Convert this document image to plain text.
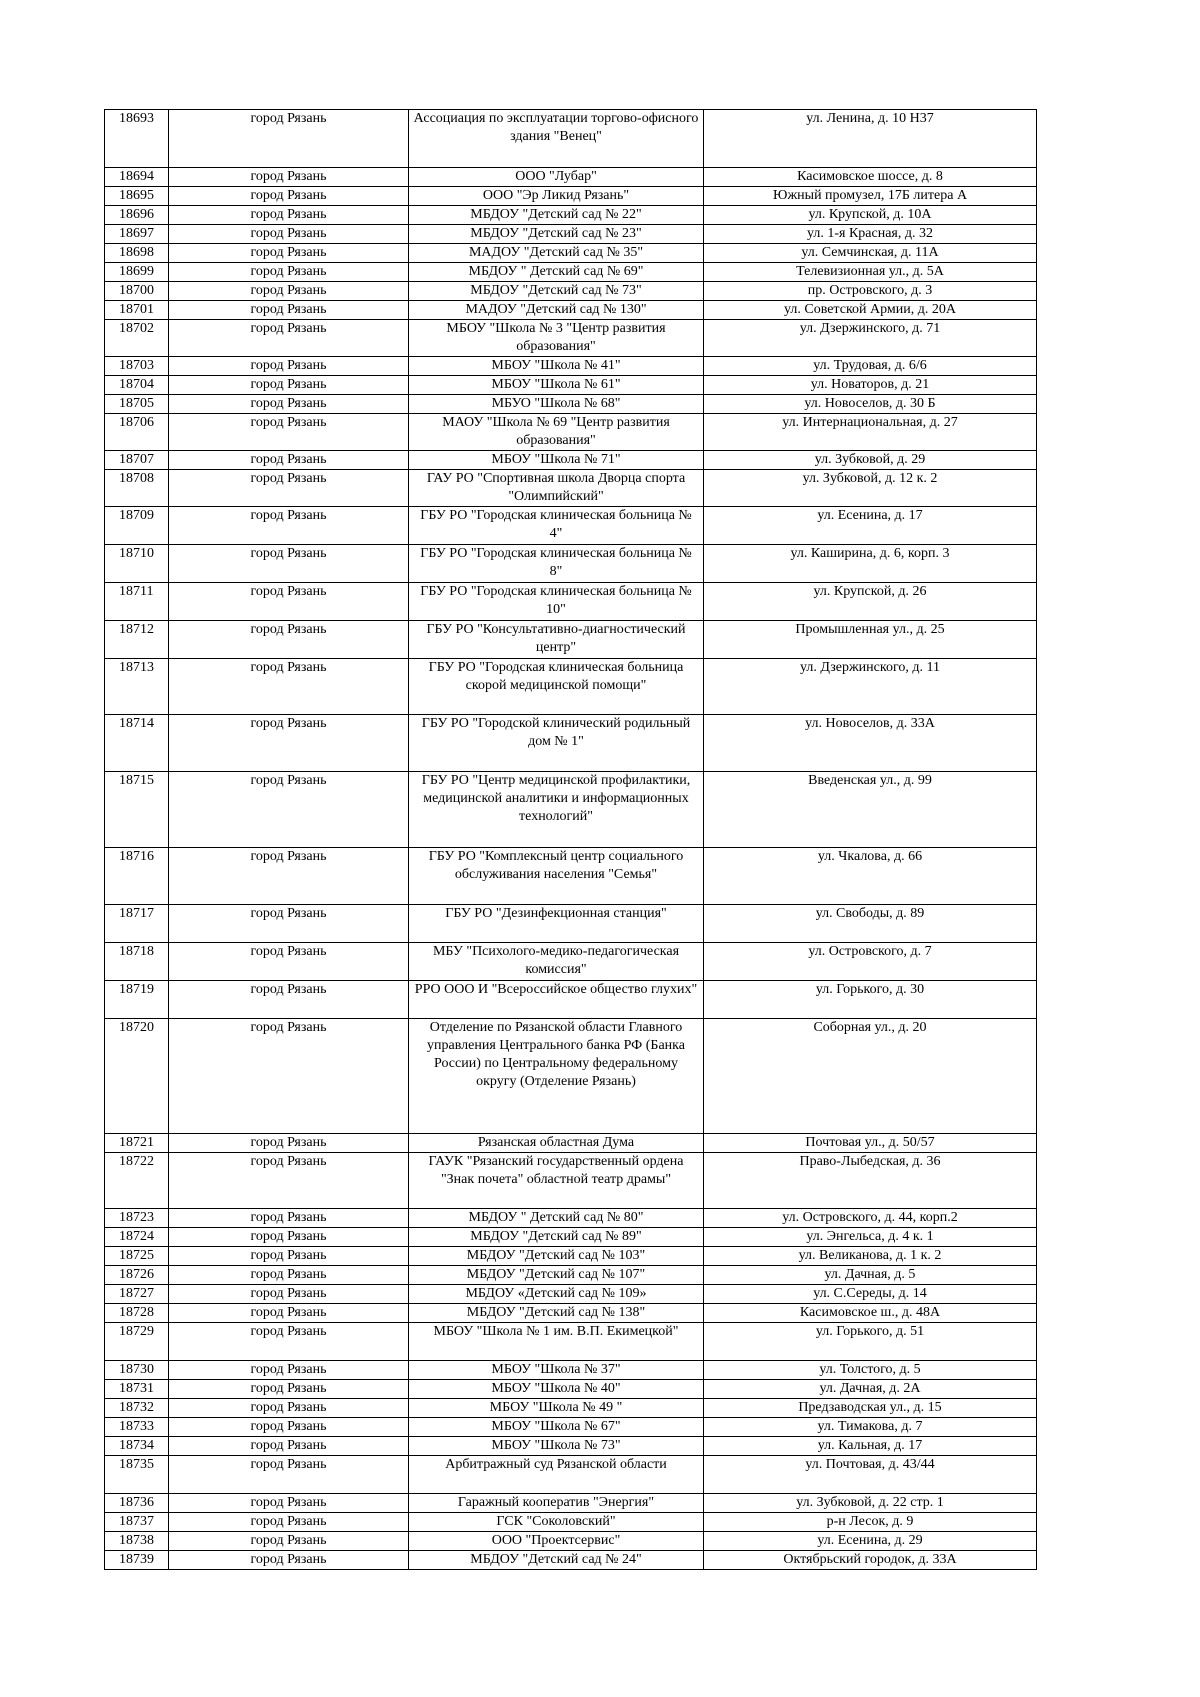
18693	город Рязань	Ассоциация по эксплуатации торгово-офисного здания "Венец"	ул. Ленина, д. 10 Н37
18694	город Рязань	ООО "Лубар"	Касимовское шоссе, д. 8
18695	город Рязань	ООО "Эр Ликид Рязань"	Южный промузел, 17Б литера А
18696	город Рязань	МБДОУ "Детский сад № 22"	ул. Крупской, д. 10А
18697	город Рязань	МБДОУ "Детский сад № 23"	ул. 1-я Красная, д. 32
18698	город Рязань	МАДОУ "Детский сад № 35"	ул. Семчинская, д. 11А
18699	город Рязань	МБДОУ " Детский сад № 69"	Телевизионная ул., д. 5А
18700	город Рязань	МБДОУ "Детский сад № 73"	пр. Островского, д. 3
18701	город Рязань	МАДОУ "Детский сад № 130"	ул. Советской Армии, д. 20А
18702	город Рязань	МБОУ "Школа № 3 "Центр развития образования"	ул. Дзержинского, д. 71
18703	город Рязань	МБОУ "Школа № 41"	ул. Трудовая, д. 6/6
18704	город Рязань	МБОУ "Школа № 61"	ул. Новаторов, д. 21
18705	город Рязань	МБУО "Школа № 68"	ул. Новоселов, д. 30 Б
18706	город Рязань	МАОУ "Школа № 69 "Центр развития образования"	ул. Интернациональная, д. 27
18707	город Рязань	МБОУ "Школа № 71"	ул. Зубковой, д. 29
18708	город Рязань	ГАУ РО "Спортивная школа Дворца спорта "Олимпийский"	ул. Зубковой, д. 12 к. 2
18709	город Рязань	ГБУ РО "Городская клиническая больница № 4"	ул. Есенина, д. 17
18710	город Рязань	ГБУ РО "Городская клиническая больница № 8"	ул. Каширина, д. 6, корп. 3
18711	город Рязань	ГБУ РО "Городская клиническая больница № 10"	ул. Крупской, д. 26
18712	город Рязань	ГБУ РО "Консультативно-диагностический центр"	Промышленная ул., д. 25
18713	город Рязань	ГБУ РО "Городская клиническая больница скорой медицинской помощи"	ул. Дзержинского, д. 11
18714	город Рязань	ГБУ РО "Городской клинический родильный дом № 1"	ул. Новоселов, д. 33А
18715	город Рязань	ГБУ РО "Центр медицинской профилактики, медицинской аналитики и информационных технологий"	Введенская ул., д. 99
18716	город Рязань	ГБУ РО "Комплексный центр социального обслуживания населения "Семья"	ул. Чкалова, д. 66
18717	город Рязань	ГБУ РО "Дезинфекционная станция"	ул. Свободы, д. 89
18718	город Рязань	МБУ "Психолого-медико-педагогическая комиссия"	ул. Островского, д. 7
18719	город Рязань	РРО ООО И "Всероссийское общество глухих"	ул. Горького, д. 30
18720	город Рязань	Отделение по Рязанской области Главного управления Центрального банка РФ (Банка России) по Центральному федеральному округу (Отделение Рязань)	Соборная ул., д. 20
18721	город Рязань	Рязанская областная Дума	Почтовая ул., д. 50/57
18722	город Рязань	ГАУК "Рязанский государственный ордена "Знак почета" областной театр драмы"	Право-Лыбедская, д. 36
18723	город Рязань	МБДОУ " Детский сад № 80"	ул. Островского, д. 44, корп.2
18724	город Рязань	МБДОУ "Детский сад № 89"	ул. Энгельса, д. 4 к. 1
18725	город Рязань	МБДОУ "Детский сад № 103"	ул. Великанова, д. 1 к. 2
18726	город Рязань	МБДОУ "Детский сад № 107"	ул. Дачная, д. 5
18727	город Рязань	МБДОУ «Детский сад № 109»	ул. С.Середы, д. 14
18728	город Рязань	МБДОУ "Детский сад № 138"	Касимовское ш., д. 48А
18729	город Рязань	МБОУ "Школа № 1 им. В.П. Екимецкой"	ул. Горького, д. 51
18730	город Рязань	МБОУ "Школа № 37"	ул. Толстого, д. 5
18731	город Рязань	МБОУ "Школа № 40"	ул. Дачная, д. 2А
18732	город Рязань	МБОУ "Школа № 49 "	Предзаводская ул., д. 15
18733	город Рязань	МБОУ "Школа № 67"	ул. Тимакова, д. 7
18734	город Рязань	МБОУ "Школа № 73"	ул. Кальная, д. 17
18735	город Рязань	Арбитражный суд Рязанской области	ул. Почтовая, д. 43/44
18736	город Рязань	Гаражный кооператив "Энергия"	ул. Зубковой, д. 22 стр. 1
18737	город Рязань	ГСК "Соколовский"	р-н Лесок, д. 9
18738	город Рязань	ООО "Проектсервис"	ул. Есенина, д. 29
18739	город Рязань	МБДОУ "Детский сад № 24"	Октябрьский городок, д. 33А
